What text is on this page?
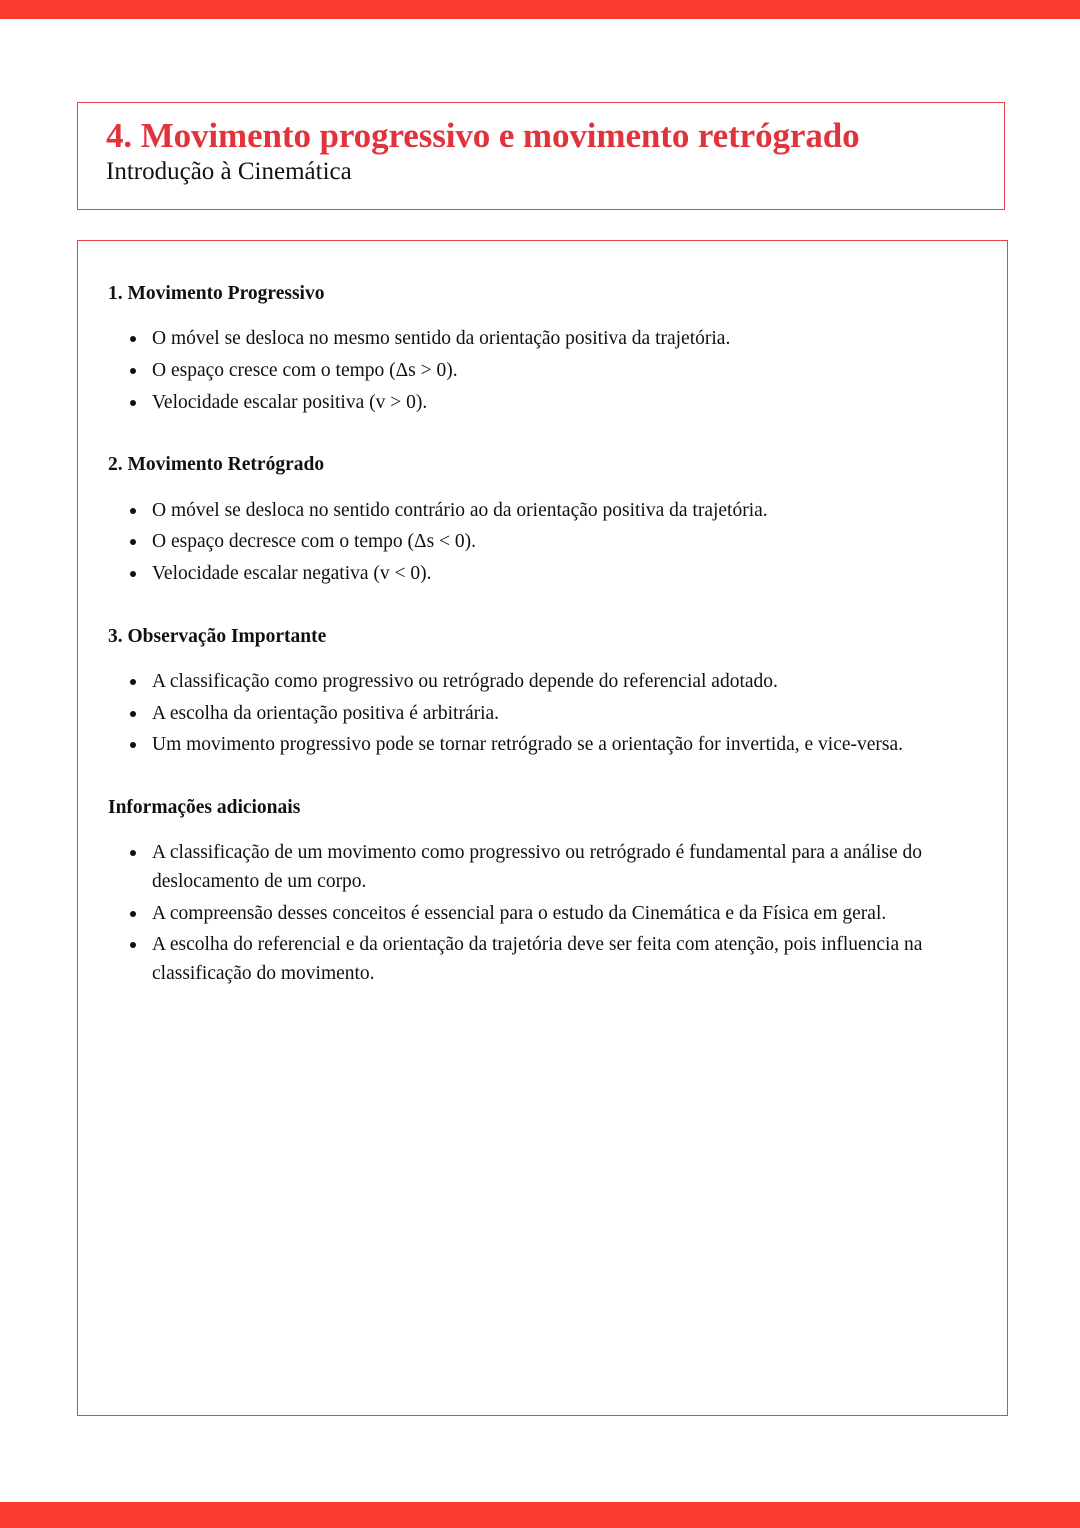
4. Movimento progressivo e movimento retrógrado
Introdução à Cinemática
1. Movimento Progressivo
O móvel se desloca no mesmo sentido da orientação positiva da trajetória.
O espaço cresce com o tempo (Δs > 0).
Velocidade escalar positiva (v > 0).
2. Movimento Retrógrado
O móvel se desloca no sentido contrário ao da orientação positiva da trajetória.
O espaço decresce com o tempo (Δs < 0).
Velocidade escalar negativa (v < 0).
3. Observação Importante
A classificação como progressivo ou retrógrado depende do referencial adotado.
A escolha da orientação positiva é arbitrária.
Um movimento progressivo pode se tornar retrógrado se a orientação for invertida, e vice-versa.
Informações adicionais
A classificação de um movimento como progressivo ou retrógrado é fundamental para a análise do deslocamento de um corpo.
A compreensão desses conceitos é essencial para o estudo da Cinemática e da Física em geral.
A escolha do referencial e da orientação da trajetória deve ser feita com atenção, pois influencia na classificação do movimento.
